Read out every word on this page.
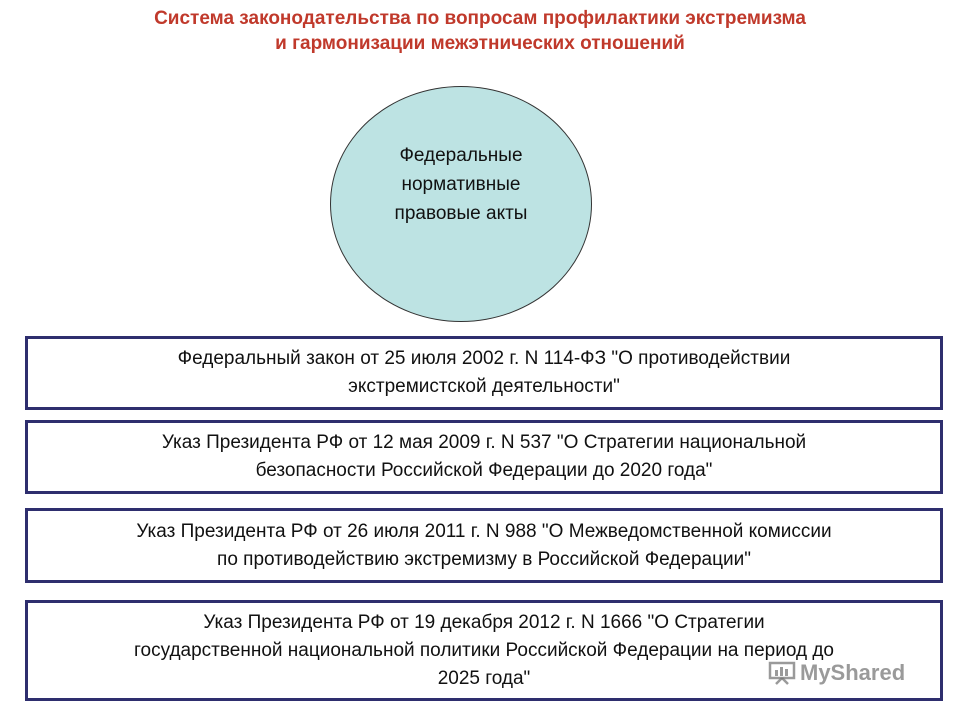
Система законодательства по вопросам профилактики экстремизма
и гармонизации межэтнических отношений
Федеральные
нормативные
правовые акты
Федеральный закон от 25 июля 2002 г. N 114-ФЗ "О противодействии
экстремистской деятельности"
Указ Президента РФ от 12 мая 2009 г. N 537 "О Стратегии национальной
безопасности Российской Федерации до 2020 года"
Указ Президента РФ от 26 июля 2011 г. N 988 "О Межведомственной комиссии
по противодействию экстремизму в Российской Федерации"
Указ Президента РФ от 19 декабря 2012 г. N 1666 "О Стратегии
государственной национальной политики Российской Федерации на период до
2025 года"	MyShared
